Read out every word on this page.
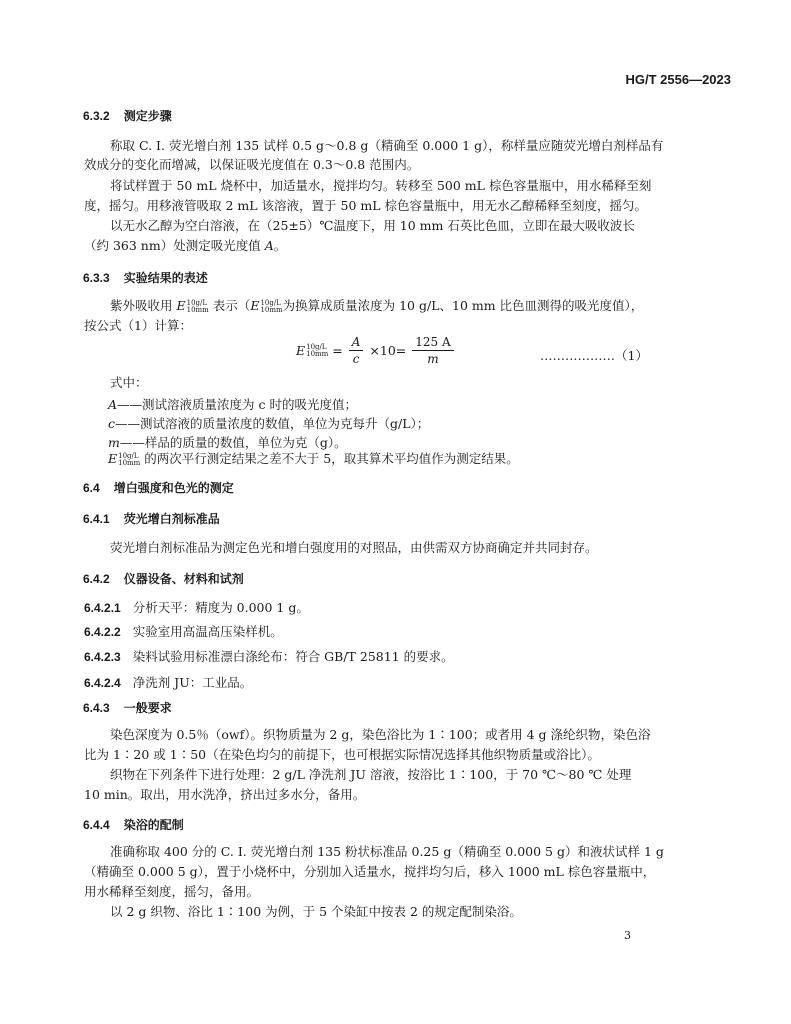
HG/T 2556—2023
6.3.2 测定步骤
称取 C. I. 荧光增白剂 135 试样 0.5 g～0.8 g（精确至 0.000 1 g），称样量应随荧光增白剂样品有
效成分的变化而增减，以保证吸光度值在 0.3～0.8 范围内。
将试样置于 50 mL 烧杯中，加适量水，搅拌均匀。转移至 500 mL 棕色容量瓶中，用水稀释至刻
度，摇匀。用移液管吸取 2 mL 该溶液，置于 50 mL 棕色容量瓶中，用无水乙醇稀释至刻度，摇匀。
以无水乙醇为空白溶液，在（25±5）℃温度下，用 10 mm 石英比色皿，立即在最大吸收波长
（约 363 nm）处测定吸光度值 A。
6.3.3 实验结果的表述
紫外吸收用 E 10g/L
10mm 表示（E 10g/L
10mm 为换算成质量浓度为 10 g/L、10 mm 比色皿测得的吸光度值），
按公式（1）计算：
E 10g/L
$10mm = \frac{A}{c} \times 10= \frac{125 A}{m}$	………………（1）
式中：
A——测试溶液质量浓度为 c 时的吸光度值；
c——测试溶液的质量浓度的数值，单位为克每升（g/L）；
m——样品的质量的数值，单位为克（g）。
E 10g/L
10mm 的两次平行测定结果之差不大于 5，取其算术平均值作为测定结果。
6.4 增白强度和色光的测定
6.4.1 荧光增白剂标准品
荧光增白剂标准品为测定色光和增白强度用的对照品，由供需双方协商确定并共同封存。
6.4.2 仪器设备、材料和试剂
6.4.2.1 分析天平：精度为 0.000 1 g。
6.4.2.2 实验室用高温高压染样机。
6.4.2.3 染料试验用标准漂白涤纶布：符合 GB/T 25811 的要求。
6.4.2.4 净洗剂 JU：工业品。
6.4.3 一般要求
染色深度为 0.5％（owf）。织物质量为 2 g，染色浴比为 1∶100；或者用 4 g 涤纶织物，染色浴
比为 1∶20 或 1∶50（在染色均匀的前提下，也可根据实际情况选择其他织物质量或浴比）。
织物在下列条件下进行处理：2 g/L 净洗剂 JU 溶液，按浴比 1∶100，于 70 ℃～80 ℃ 处理
10 min。取出，用水洗净，挤出过多水分，备用。
6.4.4 染浴的配制
准确称取 400 分的 C. I. 荧光增白剂 135 粉状标准品 0.25 g（精确至 0.000 5 g）和液状试样 1 g
（精确至 0.000 5 g），置于小烧杯中，分别加入适量水，搅拌均匀后，移入 1000 mL 棕色容量瓶中，
用水稀释至刻度，摇匀，备用。
以 2 g 织物、浴比 1∶100 为例，于 5 个染缸中按表 2 的规定配制染浴。
3
